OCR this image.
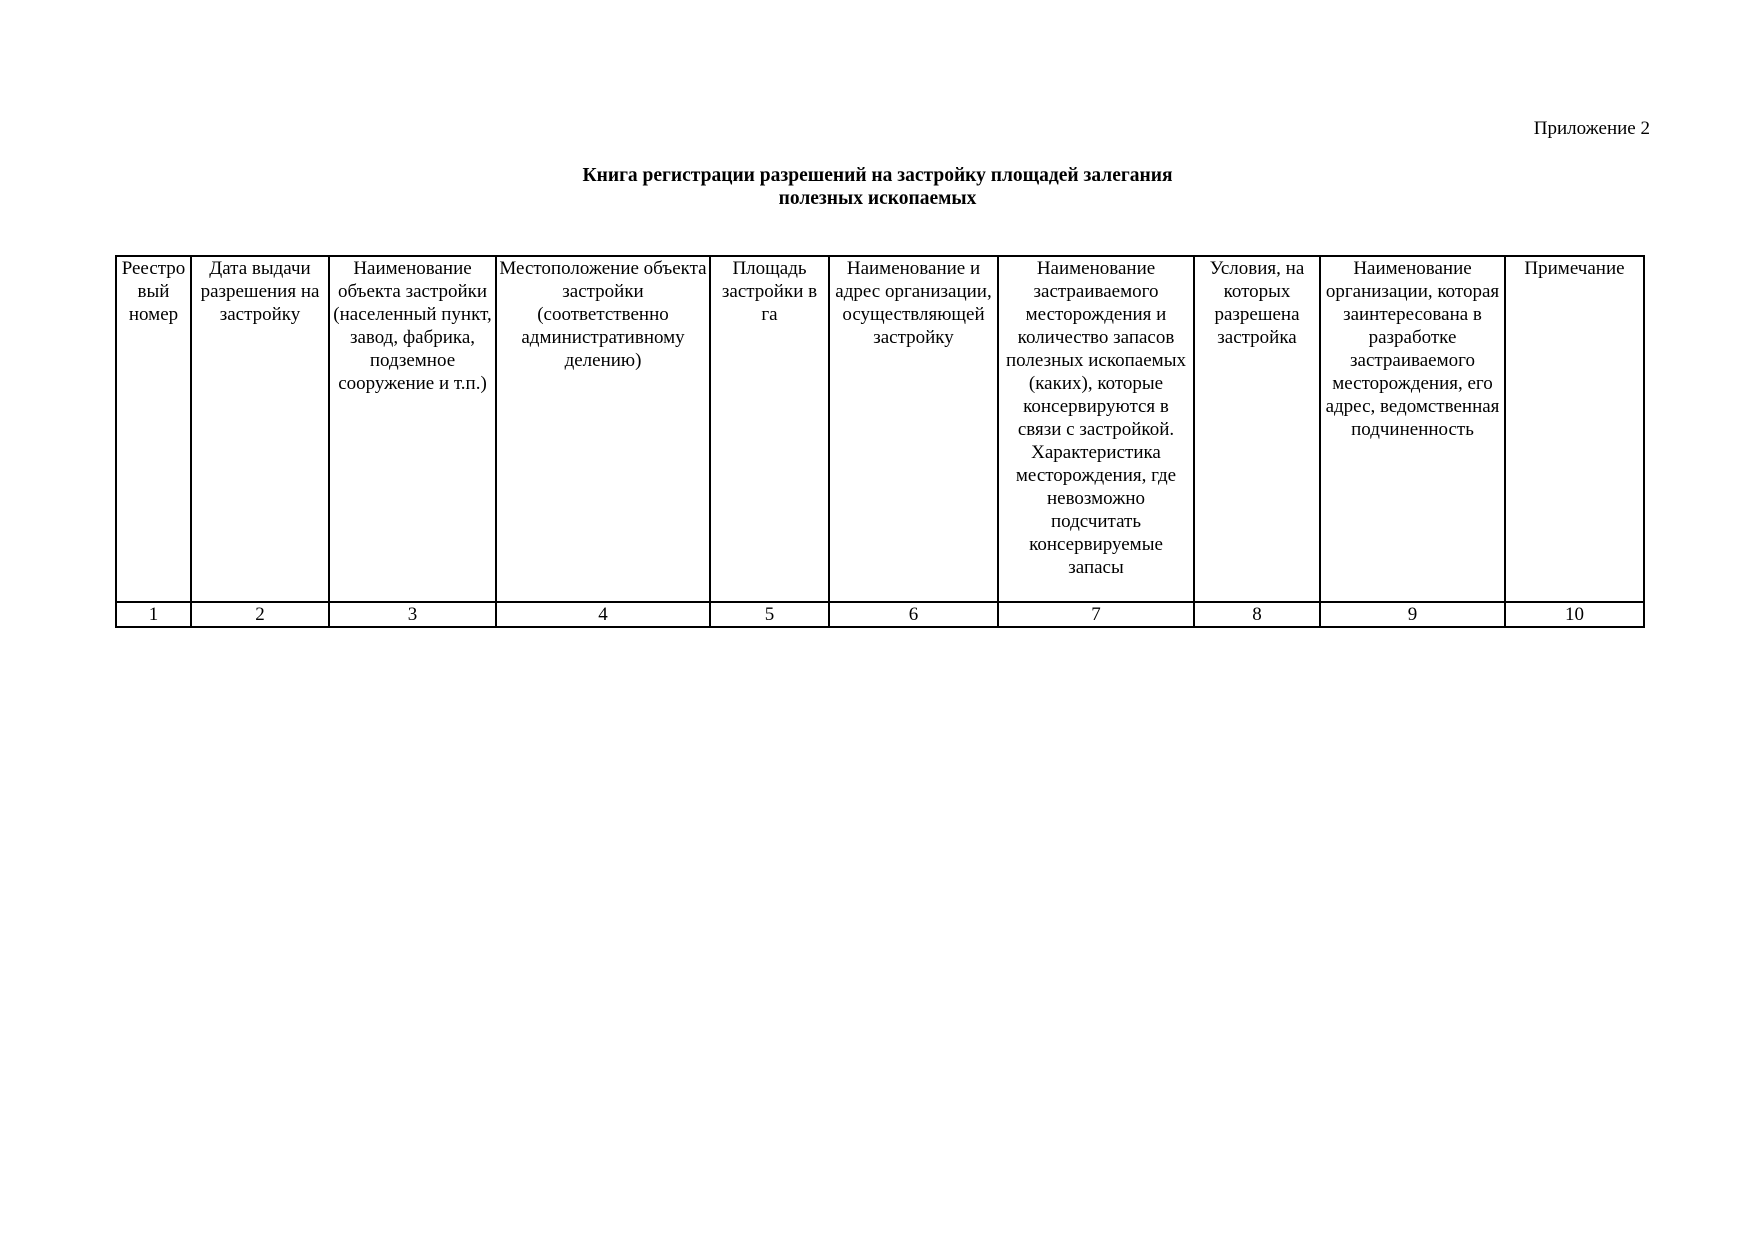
Приложение 2
Книга регистрации разрешений на застройку площадей залегания
полезных ископаемых
Реестро вый номер	Дата выдачи разрешения на застройку	Наименование объекта застройки (населенный пункт, завод, фабрика, подземное сооружение и т.п.)	Местоположение объекта застройки (соответственно административному делению)	Площадь застройки в га	Наименование и адрес организации, осуществляющей застройку	Наименование застраиваемого месторождения и количество запасов полезных ископаемых (каких), которые консервируются в связи с застройкой. Характеристика месторождения, где невозможно подсчитать консервируемые запасы	Условия, на которых разрешена застройка	Наименование организации, которая заинтересована в разработке застраиваемого месторождения, его адрес, ведомственная подчиненность	Примечание
1	2	3	4	5	6	7	8	9	10
